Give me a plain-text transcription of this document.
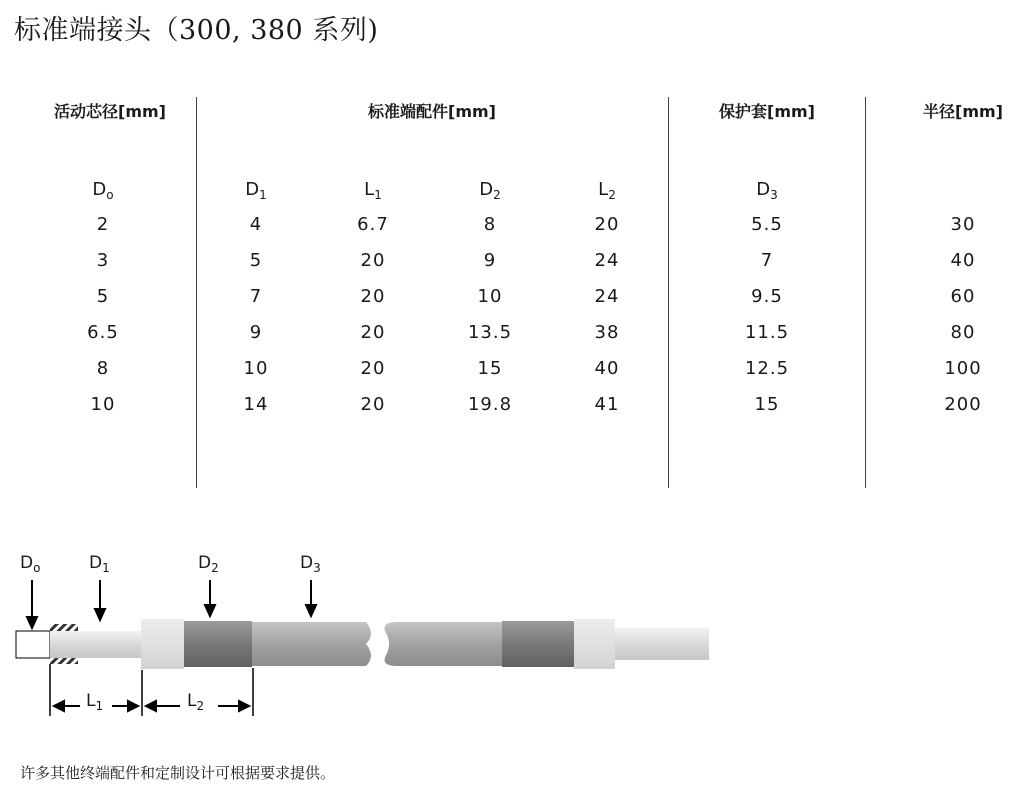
标准端接头（300, 380 系列)
活动芯径[mm]	标准端配件[mm]	保护套[mm]	半径[mm]
$D_o$	$D_1$	$L_1$	$D_2$	$L_2$	$D_3$
2	4	6.7	8	20	5.5	30
3	5	20	9	24	7	40
5	7	20	10	24	9.5	60
6.5	9	20	13.5	38	11.5	80
8	10	20	15	40	12.5	100
10	14	20	19.8	41	15	200
$D_o$	$D_1$	$D_2$	$D_3$
$L_1$	$L_2$
许多其他终端配件和定制设计可根据要求提供。
